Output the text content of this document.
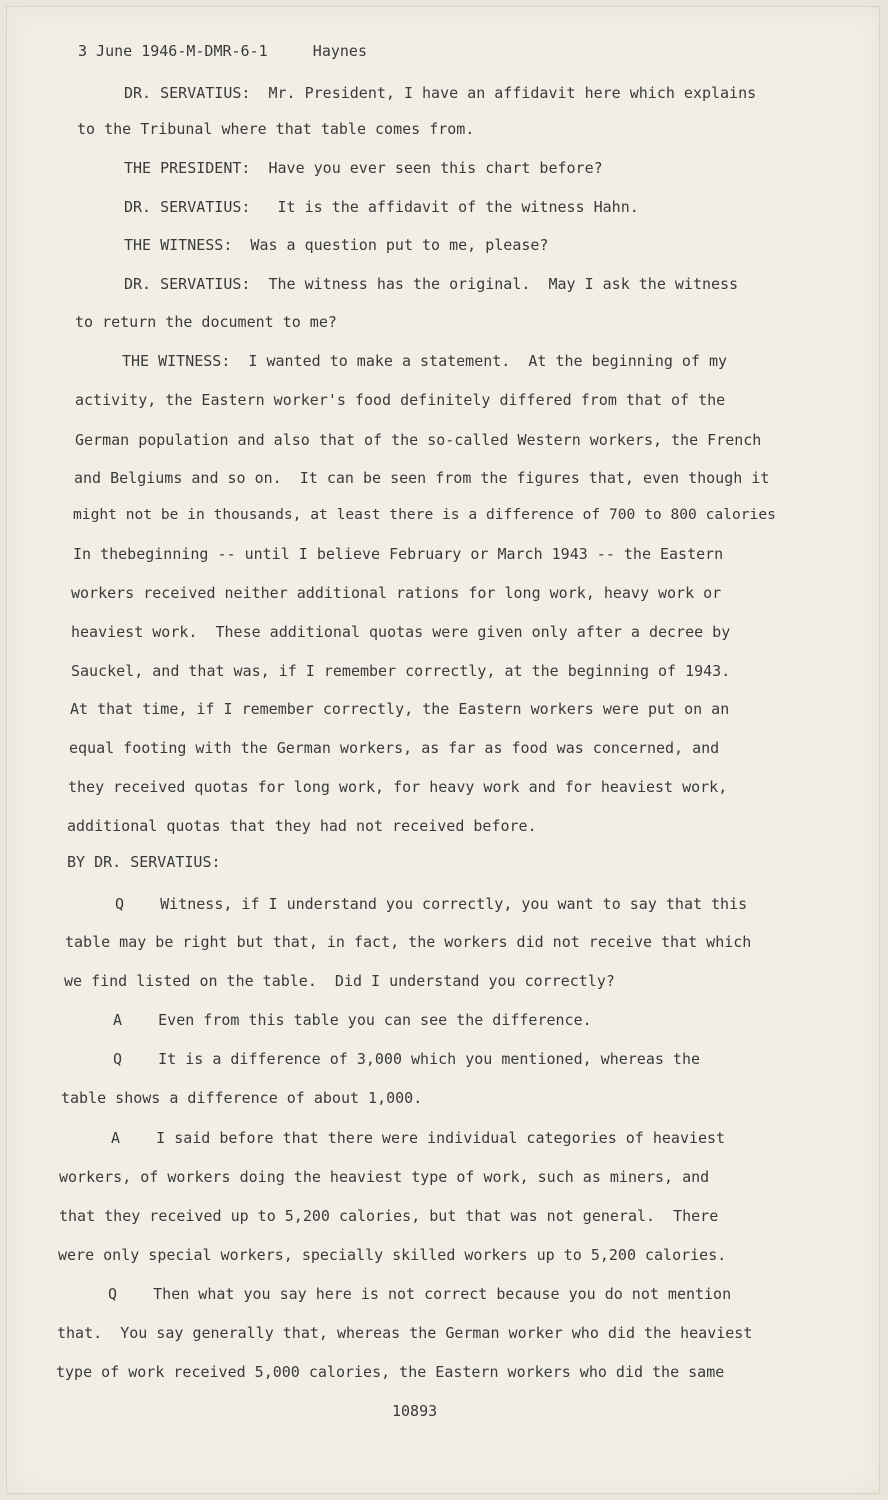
3 June 1946-M-DMR-6-1     Haynes
DR. SERVATIUS:  Mr. President, I have an affidavit here which explains
to the Tribunal where that table comes from.
THE PRESIDENT:  Have you ever seen this chart before?
DR. SERVATIUS:   It is the affidavit of the witness Hahn.
THE WITNESS:  Was a question put to me, please?
DR. SERVATIUS:  The witness has the original.  May I ask the witness
to return the document to me?
THE WITNESS:  I wanted to make a statement.  At the beginning of my
activity, the Eastern worker's food definitely differed from that of the
German population and also that of the so-called Western workers, the French
and Belgiums and so on.  It can be seen from the figures that, even though it
might not be in thousands, at least there is a difference of 700 to 800 calories
In thebeginning -- until I believe February or March 1943 -- the Eastern
workers received neither additional rations for long work, heavy work or
heaviest work.  These additional quotas were given only after a decree by
Sauckel, and that was, if I remember correctly, at the beginning of 1943.
At that time, if I remember correctly, the Eastern workers were put on an
equal footing with the German workers, as far as food was concerned, and
they received quotas for long work, for heavy work and for heaviest work,
additional quotas that they had not received before.
BY DR. SERVATIUS:
Q    Witness, if I understand you correctly, you want to say that this
table may be right but that, in fact, the workers did not receive that which
we find listed on the table.  Did I understand you correctly?
A    Even from this table you can see the difference.
Q    It is a difference of 3,000 which you mentioned, whereas the
table shows a difference of about 1,000.
A    I said before that there were individual categories of heaviest
workers, of workers doing the heaviest type of work, such as miners, and
that they received up to 5,200 calories, but that was not general.  There
were only special workers, specially skilled workers up to 5,200 calories.
Q    Then what you say here is not correct because you do not mention
that.  You say generally that, whereas the German worker who did the heaviest
type of work received 5,000 calories, the Eastern workers who did the same
10893
